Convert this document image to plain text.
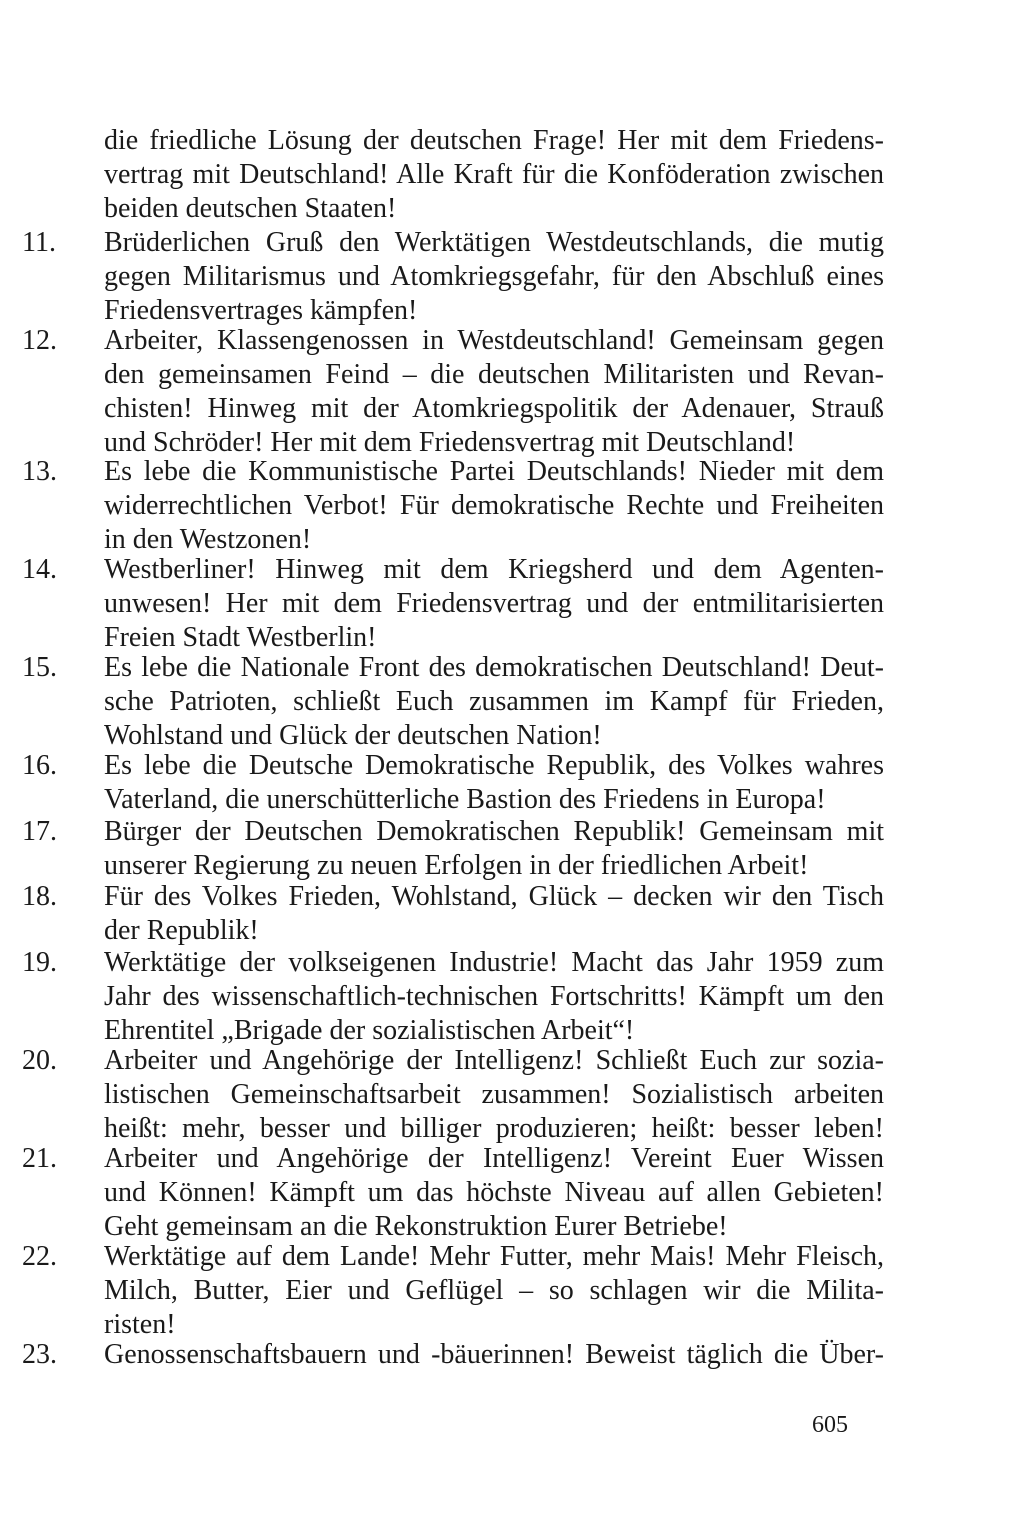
die friedliche Lösung der deutschen Frage! Her mit dem Friedens-
vertrag mit Deutschland! Alle Kraft für die Konföderation zwischen
beiden deutschen Staaten!
11.	Brüderlichen Gruß den Werktätigen Westdeutschlands, die mutig
gegen Militarismus und Atomkriegsgefahr, für den Abschluß eines
Friedensvertrages kämpfen!
12.	Arbeiter, Klassengenossen in Westdeutschland! Gemeinsam gegen
den gemeinsamen Feind – die deutschen Militaristen und Revan-
chisten! Hinweg mit der Atomkriegspolitik der Adenauer, Strauß
und Schröder! Her mit dem Friedensvertrag mit Deutschland!
13.	Es lebe die Kommunistische Partei Deutschlands! Nieder mit dem
widerrechtlichen Verbot! Für demokratische Rechte und Freiheiten
in den Westzonen!
14.	Westberliner! Hinweg mit dem Kriegsherd und dem Agenten-
unwesen! Her mit dem Friedensvertrag und der entmilitarisierten
Freien Stadt Westberlin!
15.	Es lebe die Nationale Front des demokratischen Deutschland! Deut-
sche Patrioten, schließt Euch zusammen im Kampf für Frieden,
Wohlstand und Glück der deutschen Nation!
16.	Es lebe die Deutsche Demokratische Republik, des Volkes wahres
Vaterland, die unerschütterliche Bastion des Friedens in Europa!
17.	Bürger der Deutschen Demokratischen Republik! Gemeinsam mit
unserer Regierung zu neuen Erfolgen in der friedlichen Arbeit!
18.	Für des Volkes Frieden, Wohlstand, Glück – decken wir den Tisch
der Republik!
19.	Werktätige der volkseigenen Industrie! Macht das Jahr 1959 zum
Jahr des wissenschaftlich-technischen Fortschritts! Kämpft um den
Ehrentitel „Brigade der sozialistischen Arbeit“!
20.	Arbeiter und Angehörige der Intelligenz! Schließt Euch zur sozia-
listischen Gemeinschaftsarbeit zusammen! Sozialistisch arbeiten
heißt: mehr, besser und billiger produzieren; heißt: besser leben!
21.	Arbeiter und Angehörige der Intelligenz! Vereint Euer Wissen
und Können! Kämpft um das höchste Niveau auf allen Gebieten!
Geht gemeinsam an die Rekonstruktion Eurer Betriebe!
22.	Werktätige auf dem Lande! Mehr Futter, mehr Mais! Mehr Fleisch,
Milch, Butter, Eier und Geflügel – so schlagen wir die Milita-
risten!
23.	Genossenschaftsbauern und -bäuerinnen! Beweist täglich die Über-
605
